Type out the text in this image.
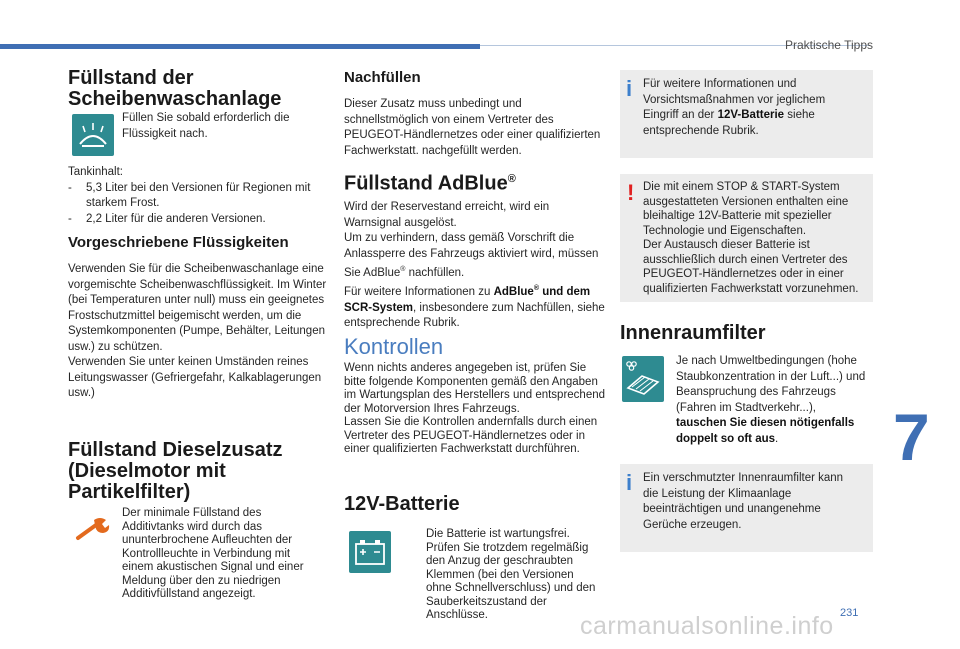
Praktische Tipps
Füllstand der
Scheibenwaschanlage

Füllen Sie sobald erforderlich die Flüssigkeit nach.

Tankinhalt:

-	5,3 Liter bei den Versionen für Regionen mit starkem Frost.
-	2,2 Liter für die anderen Versionen.
Vorgeschriebene Flüssigkeiten

Verwenden Sie für die Scheibenwaschanlage eine vorgemischte Scheibenwaschflüssigkeit. Im Winter (bei Temperaturen unter null) muss ein geeignetes Frostschutzmittel beigemischt werden, um die Systemkomponenten (Pumpe, Behälter, Leitungen usw.) zu schützen.

Verwenden Sie unter keinen Umständen reines Leitungswasser (Gefriergefahr, Kalkablagerungen usw.)

Füllstand Dieselzusatz
(Dieselmotor mit
Partikelfilter)

Der minimale Füllstand des Additivtanks wird durch das ununterbrochene Aufleuchten der Kontrollleuchte in Verbindung mit einem akustischen Signal und einer Meldung über den zu niedrigen Additivfüllstand angezeigt.

Nachfüllen

Dieser Zusatz muss unbedingt und schnellstmöglich von einem Vertreter des PEUGEOT-Händlernetzes oder einer qualifizierten Fachwerkstatt. nachgefüllt werden.

Füllstand AdBlue®

Wird der Reservestand erreicht, wird ein Warnsignal ausgelöst.

Um zu verhindern, dass gemäß Vorschrift die Anlassperre des Fahrzeugs aktiviert wird, müssen Sie AdBlue® nachfüllen.

Für weitere Informationen zu AdBlue® und dem SCR-System, insbesondere zum Nachfüllen, siehe entsprechende Rubrik.

Kontrollen

Wenn nichts anderes angegeben ist, prüfen Sie bitte folgende Komponenten gemäß den Angaben im Wartungsplan des Herstellers und entsprechend der Motorversion Ihres Fahrzeugs.

Lassen Sie die Kontrollen andernfalls durch einen Vertreter des PEUGEOT-Händlernetzes oder in einer qualifizierten Fachwerkstatt durchführen.

12V-Batterie

Die Batterie ist wartungsfrei. Prüfen Sie trotzdem regelmäßig den Anzug der geschraubten Klemmen (bei den Versionen ohne Schnellverschluss) und den Sauberkeitszustand der Anschlüsse.

i Für weitere Informationen und Vorsichtsmaßnahmen vor jeglichem Eingriff an der 12V-Batterie siehe entsprechende Rubrik.

! Die mit einem STOP & START-System ausgestatteten Versionen enthalten eine bleihaltige 12V-Batterie mit spezieller Technologie und Eigenschaften.

Der Austausch dieser Batterie ist ausschließlich durch einen Vertreter des PEUGEOT-Händlernetzes oder in einer qualifizierten Fachwerkstatt vorzunehmen.

Innenraumfilter

Je nach Umweltbedingungen (hohe Staubkonzentration in der Luft...) und Beanspruchung des Fahrzeugs (Fahren im Stadtverkehr...), tauschen Sie diesen nötigenfalls doppelt so oft aus.

i Ein verschmutzter Innenraumfilter kann die Leistung der Klimaanlage beeinträchtigen und unangenehme Gerüche erzeugen.

7
231
carmanualsonline.info
